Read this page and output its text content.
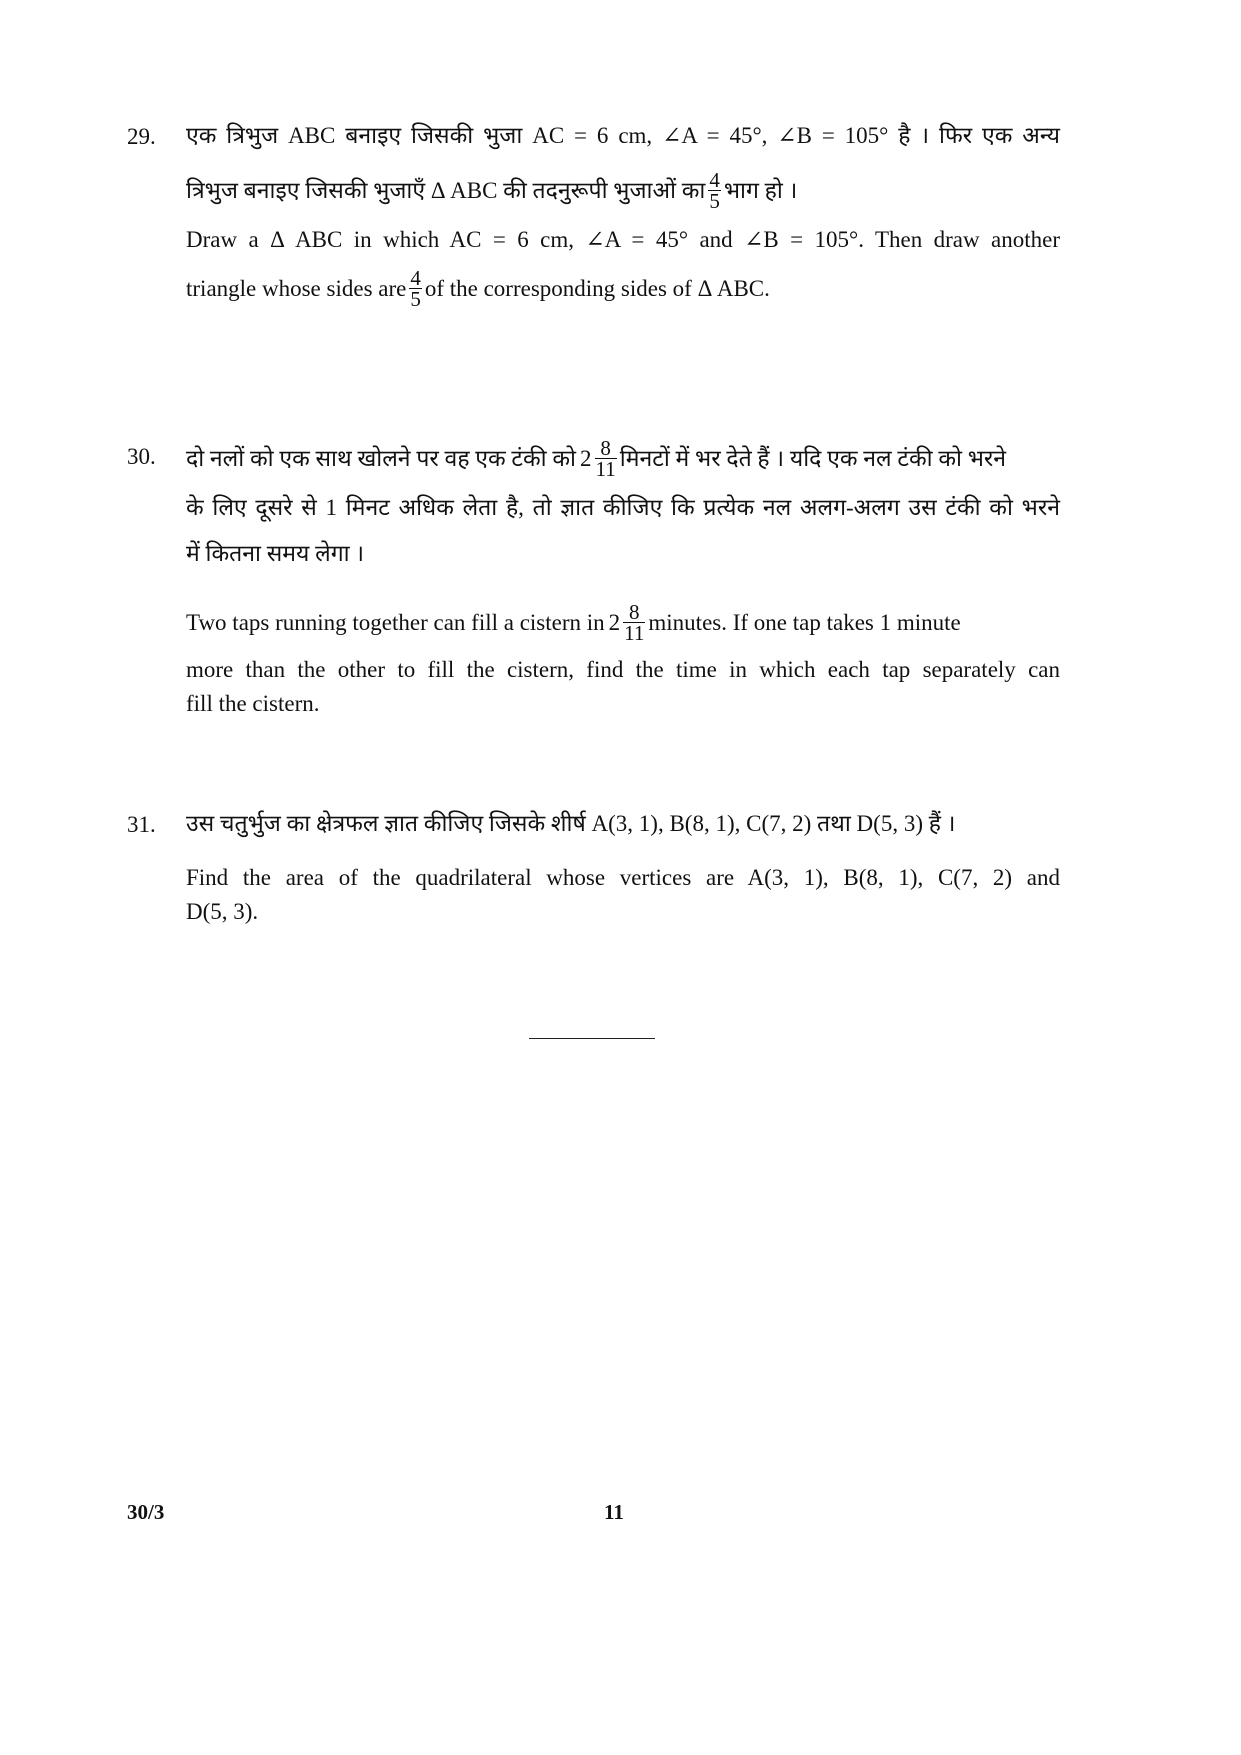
29. एक त्रिभुज ABC बनाइए जिसकी भुजा AC = 6 cm, ∠A = 45°, ∠B = 105° है । फिर एक अन्य
त्रिभुज बनाइए जिसकी भुजाएँ Δ ABC की तदनुरूपी भुजाओं का $\frac{4}{5}$ भाग हो ।
Draw a Δ ABC in which AC = 6 cm, ∠A = 45° and ∠B = 105°. Then draw another
triangle whose sides are $\frac{4}{5}$ of the corresponding sides of Δ ABC.
30. दो नलों को एक साथ खोलने पर वह एक टंकी को $2 \frac{8}{11}$ मिनटों में भर देते हैं । यदि एक नल टंकी को भरने
के लिए दूसरे से 1 मिनट अधिक लेता है, तो ज्ञात कीजिए कि प्रत्येक नल अलग-अलग उस टंकी को भरने
में कितना समय लेगा ।
Two taps running together can fill a cistern in $2 \frac{8}{11}$ minutes. If one tap takes 1 minute
more than the other to fill the cistern, find the time in which each tap separately can
fill the cistern.
31. उस चतुर्भुज का क्षेत्रफल ज्ञात कीजिए जिसके शीर्ष A(3, 1), B(8, 1), C(7, 2) तथा D(5, 3) हैं ।
Find the area of the quadrilateral whose vertices are A(3, 1), B(8, 1), C(7, 2) and
D(5, 3).
30/3	11
